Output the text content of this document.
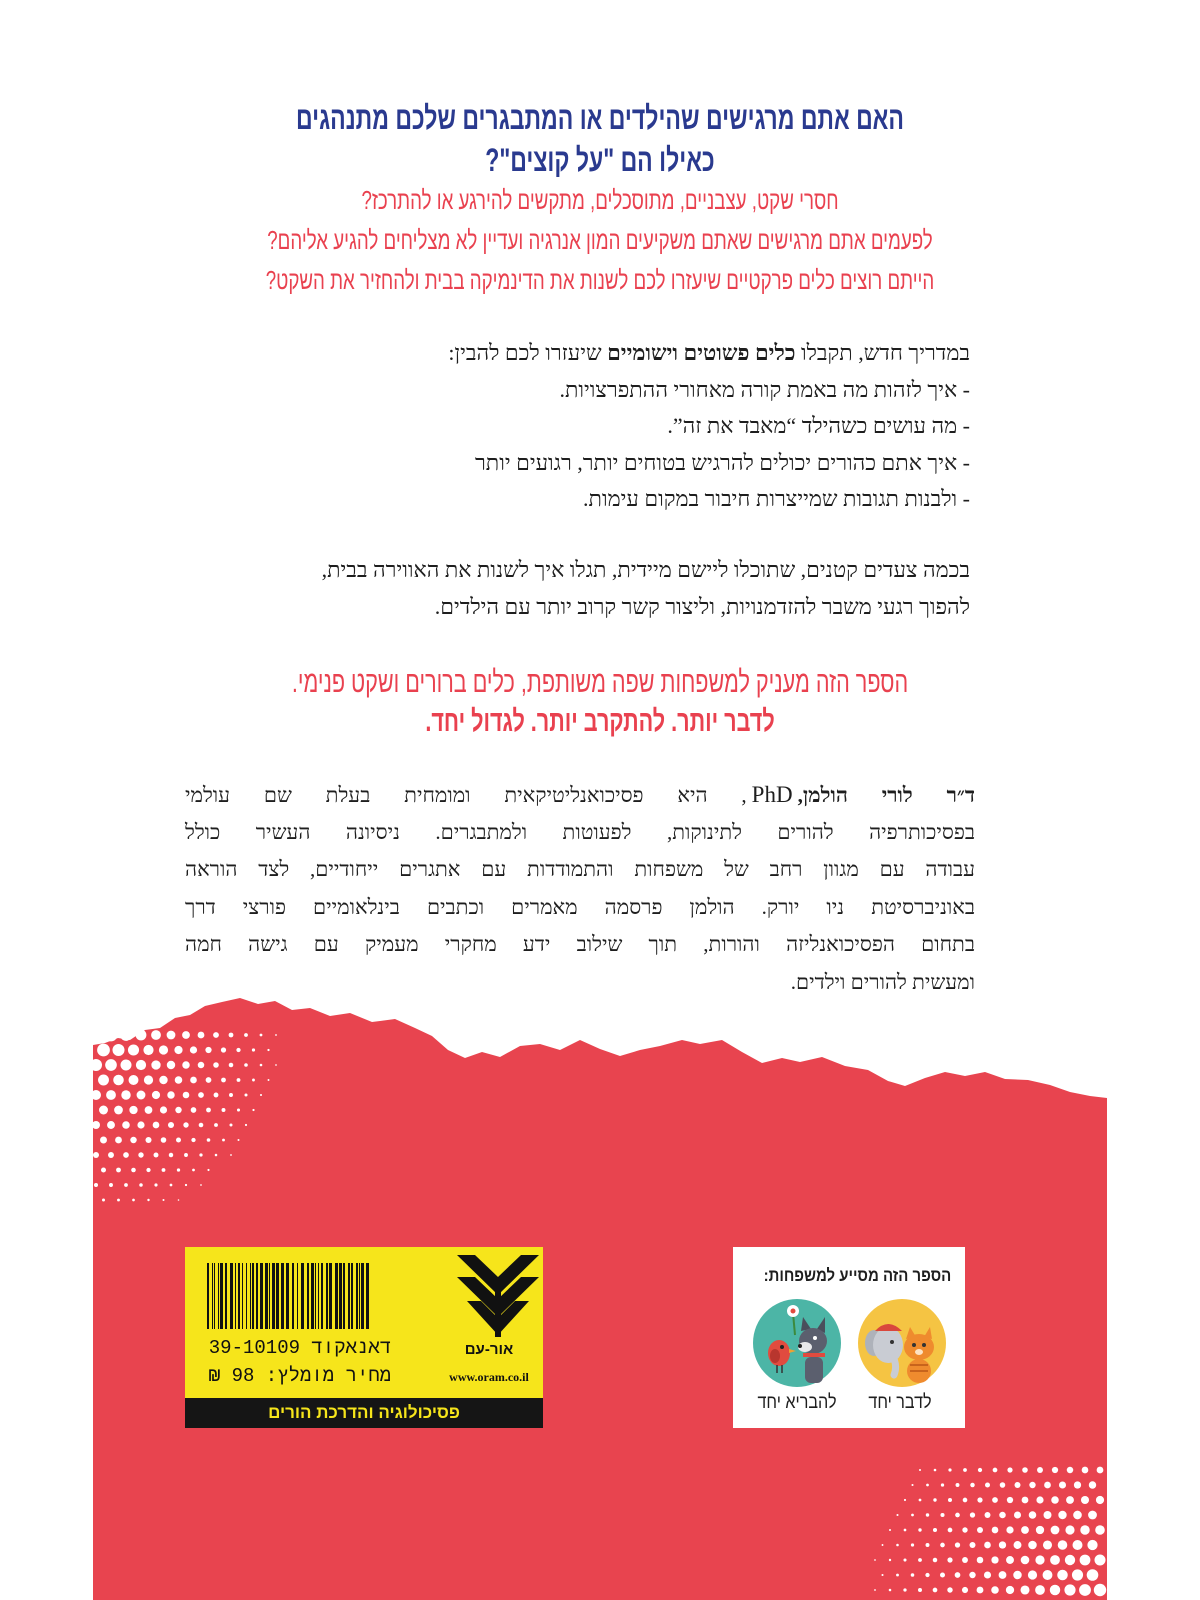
האם אתם מרגישים שהילדים או המתבגרים שלכם מתנהגים
כאילו הם "על קוצים"?
חסרי שקט, עצבניים, מתוסכלים, מתקשים להירגע או להתרכז?
לפעמים אתם מרגישים שאתם משקיעים המון אנרגיה ועדיין לא מצליחים להגיע אליהם?
הייתם רוצים כלים פרקטיים שיעזרו לכם לשנות את הדינמיקה בבית ולהחזיר את השקט?
במדריך חדש, תקבלו כלים פשוטים וישומיים שיעזרו לכם להבין:
- איך לזהות מה באמת קורה מאחורי ההתפרצויות.
- מה עושים כשהילד “מאבד את זה”.
- איך אתם כהורים יכולים להרגיש בטוחים יותר, רגועים יותר
- ולבנות תגובות שמייצרות חיבור במקום עימות.
בכמה צעדים קטנים, שתוכלו ליישם מיידית, תגלו איך לשנות את האווירה בבית,
להפוך רגעי משבר להזדמנויות, וליצור קשר קרוב יותר עם הילדים.
הספר הזה מעניק למשפחות שפה משותפת, כלים ברורים ושקט פנימי.
לדבר יותר. להתקרב יותר. לגדול יחד.
ד״ר לורי הולמן,PhD, היא פסיכואנליטיקאית ומומחית בעלת שם עולמי
בפסיכותרפיה להורים לתינוקות, לפעוטות ולמתבגרים. ניסיונה העשיר כולל
עבודה עם מגוון רחב של משפחות והתמודדות עם אתגרים ייחודיים, לצד הוראה
באוניברסיטת ניו יורק. הולמן פרסמה מאמרים וכתבים בינלאומיים פורצי דרך
בתחום הפסיכואנליזה והורות, תוך שילוב ידע מחקרי מעמיק עם גישה חמה
ומעשית להורים וילדים.
דאנאקוד 39-10109
מחיר מומלץ: 98 ₪
אור-עם
www.oram.co.il
פסיכולוגיה והדרכת הורים
הספר הזה מסייע למשפחות:
לדבר יחד
להבריא יחד
